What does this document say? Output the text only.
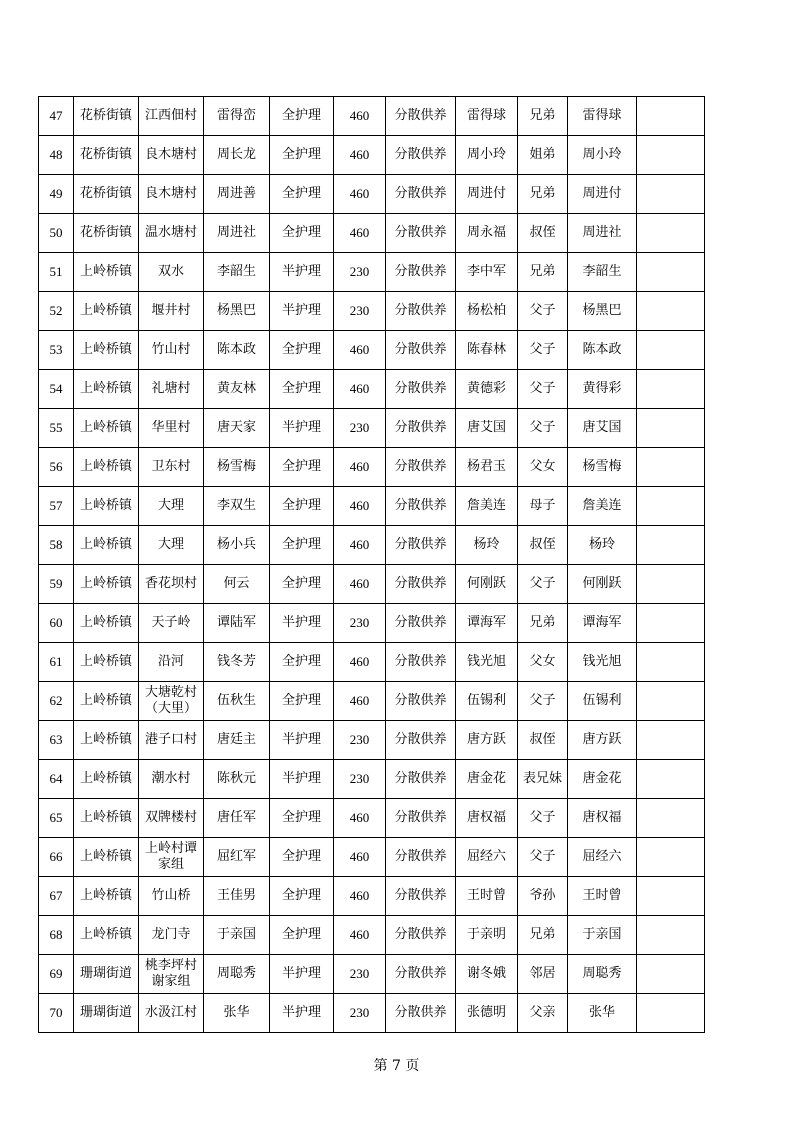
47	花桥街镇	江西佃村	雷得峦	全护理	460	分散供养	雷得球	兄弟	雷得球	
48	花桥街镇	良木塘村	周长龙	全护理	460	分散供养	周小玲	姐弟	周小玲	
49	花桥街镇	良木塘村	周进善	全护理	460	分散供养	周进付	兄弟	周进付	
50	花桥街镇	温水塘村	周进社	全护理	460	分散供养	周永福	叔侄	周进社	
51	上岭桥镇	双水	李韶生	半护理	230	分散供养	李中军	兄弟	李韶生	
52	上岭桥镇	堰井村	杨黑巴	半护理	230	分散供养	杨松柏	父子	杨黑巴	
53	上岭桥镇	竹山村	陈本政	全护理	460	分散供养	陈春林	父子	陈本政	
54	上岭桥镇	礼塘村	黄友林	全护理	460	分散供养	黄德彩	父子	黄得彩	
55	上岭桥镇	华里村	唐天家	半护理	230	分散供养	唐艾国	父子	唐艾国	
56	上岭桥镇	卫东村	杨雪梅	全护理	460	分散供养	杨君玉	父女	杨雪梅	
57	上岭桥镇	大理	李双生	全护理	460	分散供养	詹美连	母子	詹美连	
58	上岭桥镇	大理	杨小兵	全护理	460	分散供养	杨玲	叔侄	杨玲	
59	上岭桥镇	香花坝村	何云	全护理	460	分散供养	何刚跃	父子	何刚跃	
60	上岭桥镇	天子岭	谭陆军	半护理	230	分散供养	谭海军	兄弟	谭海军	
61	上岭桥镇	沿河	钱冬芳	全护理	460	分散供养	钱光旭	父女	钱光旭	
62	上岭桥镇	大塘乾村（大里）	伍秋生	全护理	460	分散供养	伍锡利	父子	伍锡利	
63	上岭桥镇	港子口村	唐廷主	半护理	230	分散供养	唐方跃	叔侄	唐方跃	
64	上岭桥镇	潮水村	陈秋元	半护理	230	分散供养	唐金花	表兄妹	唐金花	
65	上岭桥镇	双牌楼村	唐任军	全护理	460	分散供养	唐权福	父子	唐权福	
66	上岭桥镇	上岭村谭家组	屈红军	全护理	460	分散供养	屈经六	父子	屈经六	
67	上岭桥镇	竹山桥	王佳男	全护理	460	分散供养	王时曾	爷孙	王时曾	
68	上岭桥镇	龙门寺	于亲国	全护理	460	分散供养	于亲明	兄弟	于亲国	
69	珊瑚街道	桃李坪村谢家组	周聪秀	半护理	230	分散供养	谢冬娥	邻居	周聪秀	
70	珊瑚街道	水汲江村	张华	半护理	230	分散供养	张德明	父亲	张华	
第 7 页
